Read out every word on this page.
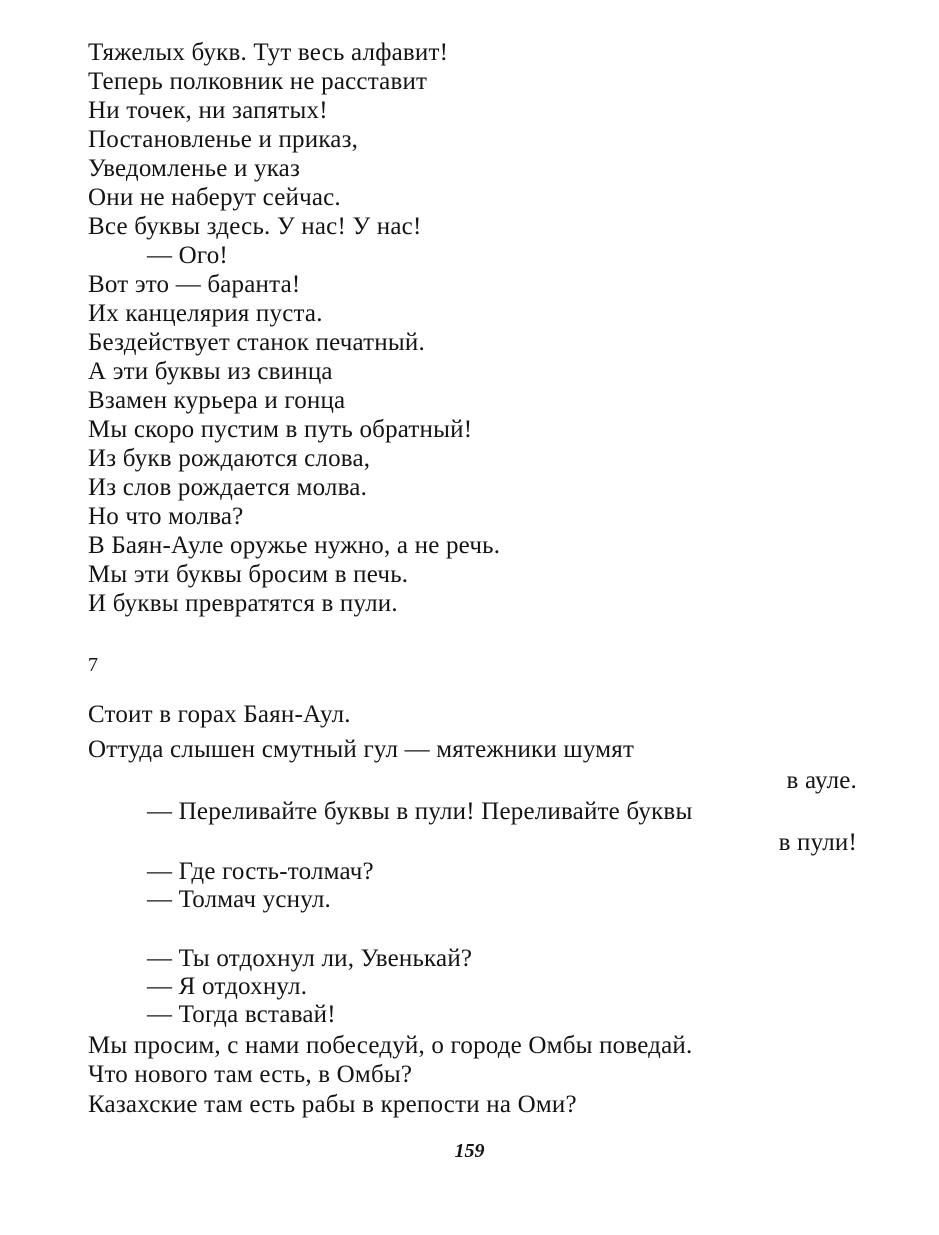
Тяжелых букв. Тут весь алфавит!
Теперь полковник не расставит
Ни точек, ни запятых!
Постановленье и приказ,
Уведомленье и указ
Они не наберут сейчас.
Все буквы здесь. У нас! У нас!
— Ого!
Вот это — баранта!
Их канцелярия пуста.
Бездействует станок печатный.
А эти буквы из свинца
Взамен курьера и гонца
Мы скоро пустим в путь обратный!
Из букв рождаются слова,
Из слов рождается молва.
Но что молва?
В Баян-Ауле оружье нужно, а не речь.
Мы эти буквы бросим в печь.
И буквы превратятся в пули.
7
Стоит в горах Баян-Аул.
Оттуда слышен смутный гул — мятежники шумят
в ауле.
— Переливайте буквы в пули! Переливайте буквы
в пули!
— Где гость-толмач?
— Толмач уснул.
— Ты отдохнул ли, Увенькай?
— Я отдохнул.
— Тогда вставай!
Мы просим, с нами побеседуй, о городе Омбы поведай.
Что нового там есть, в Омбы?
Казахские там есть рабы в крепости на Оми?
159
